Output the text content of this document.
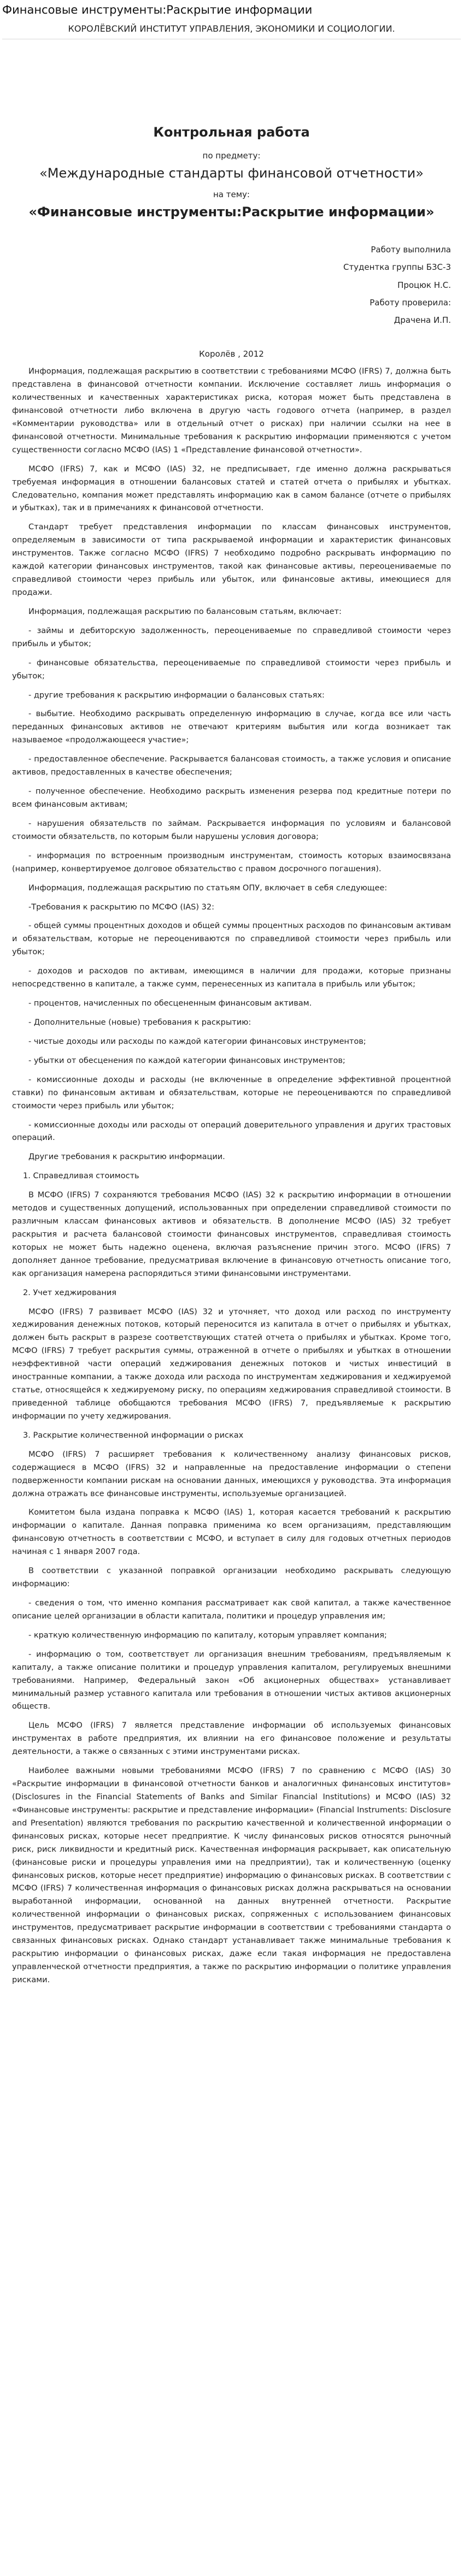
Финансовые инструменты:Раскрытие информации
КОРОЛЁВСКИЙ ИНСТИТУТ УПРАВЛЕНИЯ, ЭКОНОМИКИ И СОЦИОЛОГИИ.
Контрольная работа
по предмету:
«Международные стандарты финансовой отчетности»
на тему:
«Финансовые инструменты:Раскрытие информации»

Работу выполнила

Студентка группы Б3С-3

Процюк Н.С.

Работу проверила:

Драчена И.П.

Королёв , 2012

Информация, подлежащая раскрытию в соответствии с требованиями МСФО (IFRS) 7, должна быть представлена в финансовой отчетности компании. Исключение составляет лишь информация о количественных и качественных характеристиках риска, которая может быть представлена в финансовой отчетности либо включена в другую часть годового отчета (например, в раздел «Комментарии руководства» или в отдельный отчет о рисках) при наличии ссылки на нее в финансовой отчетности. Минимальные требования к раскрытию информации применяются с учетом существенности согласно МСФО (IAS) 1 «Представление финансовой отчетности».

МСФО (IFRS) 7, как и МСФО (IAS) 32, не предписывает, где именно должна раскрываться требуемая информация в отношении балансовых статей и статей отчета о прибылях и убытках. Следовательно, компания может представлять информацию как в самом балансе (отчете о прибылях и убытках), так и в примечаниях к финансовой отчетности.

Стандарт требует представления информации по классам финансовых инструментов, определяемым в зависимости от типа раскрываемой информации и характеристик финансовых инструментов. Также согласно МСФО (IFRS) 7 необходимо подробно раскрывать информацию по каждой категории финансовых инструментов, такой как финансовые активы, переоцениваемые по справедливой стоимости через прибыль или убыток, или финансовые активы, имеющиеся для продажи.

Информация, подлежащая раскрытию по балансовым статьям, включает:

- займы и дебиторскую задолженность, переоцениваемые по справедливой стоимости через прибыль и убыток;

- финансовые обязательства, переоцениваемые по справедливой стоимости через прибыль и убыток;

- другие требования к раскрытию информации о балансовых статьях:

- выбытие. Необходимо раскрывать определенную информацию в случае, когда все или часть переданных финансовых активов не отвечают критериям выбытия или когда возникает так называемое «продолжающееся участие»;

- предоставленное обеспечение. Раскрывается балансовая стоимость, а также условия и описание активов, предоставленных в качестве обеспечения;

- полученное обеспечение. Необходимо раскрыть изменения резерва под кредитные потери по всем финансовым активам;

- нарушения обязательств по займам. Раскрывается информация по условиям и балансовой стоимости обязательств, по которым были нарушены условия договора;

- информация по встроенным производным инструментам, стоимость которых взаимосвязана (например, конвертируемое долговое обязательство с правом досрочного погашения).

Информация, подлежащая раскрытию по статьям ОПУ, включает в себя следующее:

-Требования к раскрытию по МСФО (IAS) 32:

- общей суммы процентных доходов и общей суммы процентных расходов по финансовым активам и обязательствам, которые не переоцениваются по справедливой стоимости через прибыль или убыток;

- доходов и расходов по активам, имеющимся в наличии для продажи, которые признаны непосредственно в капитале, а также сумм, перенесенных из капитала в прибыль или убыток;

- процентов, начисленных по обесцененным финансовым активам.

- Дополнительные (новые) требования к раскрытию:

- чистые доходы или расходы по каждой категории финансовых инструментов;

- убытки от обесценения по каждой категории финансовых инструментов;

- комиссионные доходы и расходы (не включенные в определение эффективной процентной ставки) по финансовым активам и обязательствам, которые не переоцениваются по справедливой стоимости через прибыль или убыток;

- комиссионные доходы или расходы от операций доверительного управления и других трастовых операций.

Другие требования к раскрытию информации.

1. Справедливая стоимость

В МСФО (IFRS) 7 сохраняются требования МСФО (IAS) 32 к раскрытию информации в отношении методов и существенных допущений, использованных при определении справедливой стоимости по различным классам финансовых активов и обязательств. В дополнение МСФО (IAS) 32 требует раскрытия и расчета балансовой стоимости финансовых инструментов, справедливая стоимость которых не может быть надежно оценена, включая разъяснение причин этого. МСФО (IFRS) 7 дополняет данное требование, предусматривая включение в финансовую отчетность описание того, как организация намерена распорядиться этими финансовыми инструментами.

2. Учет хеджирования

МСФО (IFRS) 7 развивает МСФО (IAS) 32 и уточняет, что доход или расход по инструменту хеджирования денежных потоков, который переносится из капитала в отчет о прибылях и убытках, должен быть раскрыт в разрезе соответствующих статей отчета о прибылях и убытках. Кроме того, МСФО (IFRS) 7 требует раскрытия суммы, отраженной в отчете о прибылях и убытках в отношении неэффективной части операций хеджирования денежных потоков и чистых инвестиций в иностранные компании, а также дохода или расхода по инструментам хеджирования и хеджируемой статье, относящейся к хеджируемому риску, по операциям хеджирования справедливой стоимости. В приведенной таблице обобщаются требования МСФО (IFRS) 7, предъявляемые к раскрытию информации по учету хеджирования.

3. Раскрытие количественной информации о рисках

МСФО (IFRS) 7 расширяет требования к количественному анализу финансовых рисков, содержащиеся в МСФО (IFRS) 32 и направленные на предоставление информации о степени подверженности компании рискам на основании данных, имеющихся у руководства. Эта информация должна отражать все финансовые инструменты, используемые организацией.

Комитетом была издана поправка к МСФО (IAS) 1, которая касается требований к раскрытию информации о капитале. Данная поправка применима ко всем организациям, представляющим финансовую отчетность в соответствии с МСФО, и вступает в силу для годовых отчетных периодов начиная с 1 января 2007 года.

В соответствии с указанной поправкой организации необходимо раскрывать следующую информацию:

- сведения о том, что именно компания рассматривает как свой капитал, а также качественное описание целей организации в области капитала, политики и процедур управления им;

- краткую количественную информацию по капиталу, которым управляет компания;

- информацию о том, соответствует ли организация внешним требованиям, предъявляемым к капиталу, а также описание политики и процедур управления капиталом, регулируемых внешними требованиями. Например, Федеральный закон «Об акционерных обществах» устанавливает минимальный размер уставного капитала или требования в отношении чистых активов акционерных обществ.

Цель МСФО (IFRS) 7 является представление информации об используемых финансовых инструментах в работе предприятия, их влиянии на его финансовое положение и результаты деятельности, а также о связанных с этими инструментами рисках.

Наиболее важными новыми требованиями МСФО (IFRS) 7 по сравнению с МСФО (IAS) 30 «Раскрытие информации в финансовой отчетности банков и аналогичных финансовых институтов» (Disclosures in the Financial Statements of Banks and Similar Financial Institutions) и МСФО (IAS) 32 «Финансовые инструменты: раскрытие и представление информации» (Financial Instruments: Disclosure and Presentation) являются требования по раскрытию качественной и количественной информации о финансовых рисках, которые несет предприятие. К числу финансовых рисков относятся рыночный риск, риск ликвидности и кредитный риск. Качественная информация раскрывает, как описательную (финансовые риски и процедуры управления ими на предприятии), так и количественную (оценку финансовых рисков, которые несет предприятие) информацию о финансовых рисках. В соответствии с МСФО (IFRS) 7 количественная информация о финансовых рисках должна раскрываться на основании выработанной информации, основанной на данных внутренней отчетности. Раскрытие количественной информации о финансовых рисках, сопряженных с использованием финансовых инструментов, предусматривает раскрытие информации в соответствии с требованиями стандарта о связанных финансовых рисках. Однако стандарт устанавливает также минимальные требования к раскрытию информации о финансовых рисках, даже если такая информация не предоставлена управленческой отчетности предприятия, а также по раскрытию информации о политике управления рисками.
